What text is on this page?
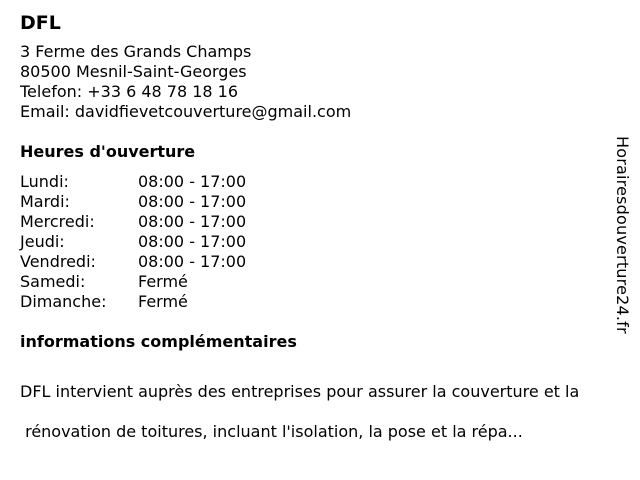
DFL
3 Ferme des Grands Champs
80500 Mesnil-Saint-Georges
Telefon: +33 6 48 78 18 16
Email: davidfievetcouverture@gmail.com
Heures d'ouverture
Lundi:	08:00 - 17:00
Mardi:	08:00 - 17:00
Mercredi:	08:00 - 17:00
Jeudi:	08:00 - 17:00
Vendredi:	08:00 - 17:00
Samedi:	Fermé
Dimanche:	Fermé
informations complémentaires

DFL intervient auprès des entreprises pour assurer la couverture et la

rénovation de toitures, incluant l'isolation, la pose et la répa...

Horairesdouverture24.fr
